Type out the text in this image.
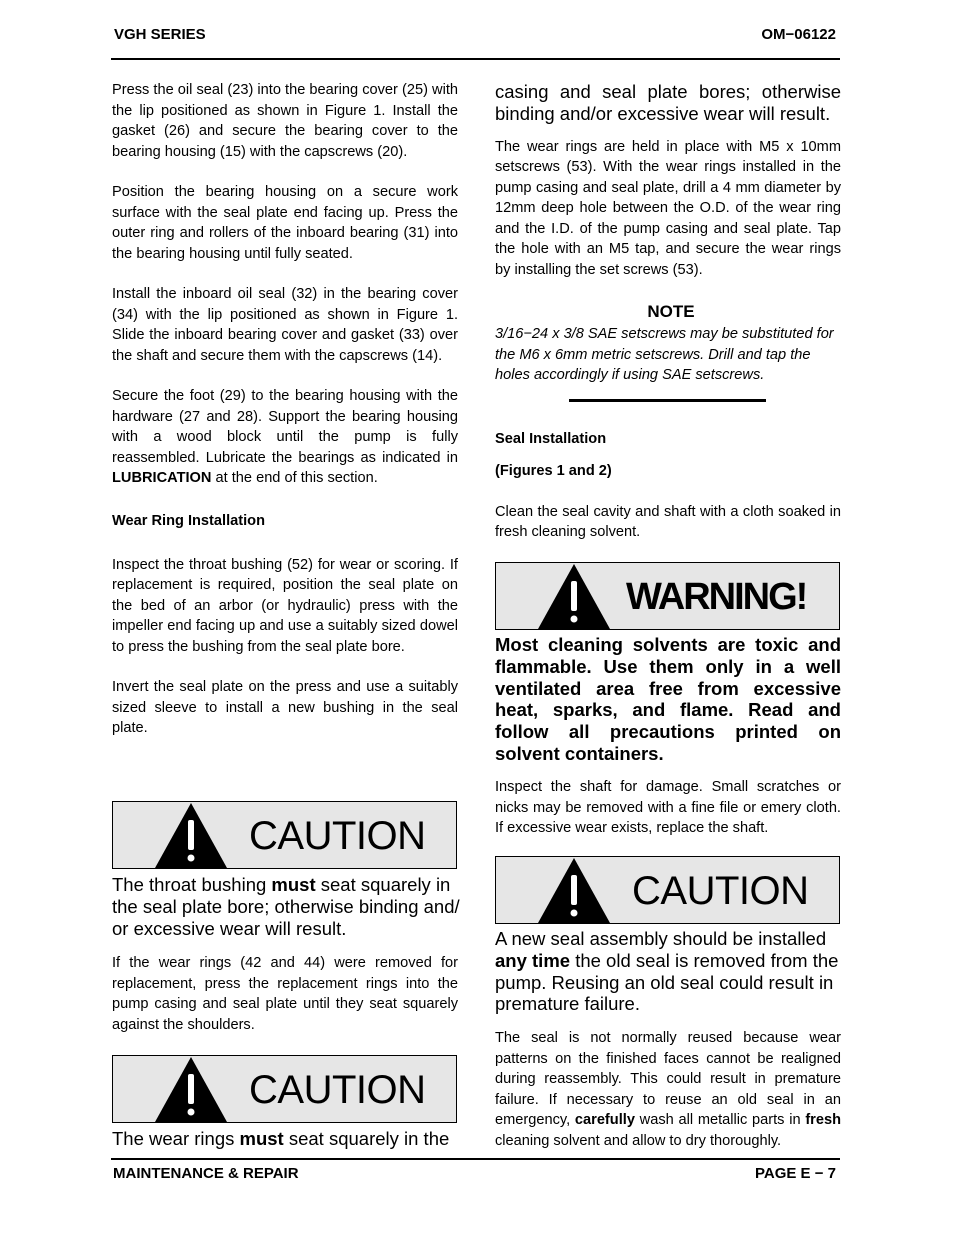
VGH SERIES	OM−06122

Press the oil seal (23) into the bearing cover (25) with the lip positioned as shown in Figure 1. Install the gasket (26) and secure the bearing cover to the bearing housing (15) with the capscrews (20).

Position the bearing housing on a secure work surface with the seal plate end facing up. Press the outer ring and rollers of the inboard bearing (31) into the bearing housing until fully seated.

Install the inboard oil seal (32) in the bearing cover (34) with the lip positioned as shown in Figure 1. Slide the inboard bearing cover and gasket (33) over the shaft and secure them with the capscrews (14).

Secure the foot (29) to the bearing housing with the hardware (27 and 28). Support the bearing housing with a wood block until the pump is fully reassembled. Lubricate the bearings as indicated in LUBRICATION at the end of this section.

Wear Ring Installation

Inspect the throat bushing (52) for wear or scoring. If replacement is required, position the seal plate on the bed of an arbor (or hydraulic) press with the impeller end facing up and use a suitably sized dowel to press the bushing from the seal plate bore.

Invert the seal plate on the press and use a suitably sized sleeve to install a new bushing in the seal plate.

CAUTION

The throat bushing must seat squarely in the seal plate bore; otherwise binding and/ or excessive wear will result.

If the wear rings (42 and 44) were removed for replacement, press the replacement rings into the pump casing and seal plate until they seat squarely against the shoulders.

CAUTION

The wear rings must seat squarely in the

casing and seal plate bores; otherwise binding and/or excessive wear will result.

The wear rings are held in place with M5 x 10mm setscrews (53). With the wear rings installed in the pump casing and seal plate, drill a 4 mm diameter by 12mm deep hole between the O.D. of the wear ring and the I.D. of the pump casing and seal plate. Tap the hole with an M5 tap, and secure the wear rings by installing the set screws (53).

NOTE

3/16−24 x 3/8 SAE setscrews may be substituted for the M6 x 6mm metric setscrews. Drill and tap the holes accordingly if using SAE setscrews.

Seal Installation

(Figures 1 and 2)

Clean the seal cavity and shaft with a cloth soaked in fresh cleaning solvent.

WARNING!

Most cleaning solvents are toxic and flammable. Use them only in a well ventilated area free from excessive heat, sparks, and flame. Read and follow all precautions printed on solvent containers.

Inspect the shaft for damage. Small scratches or nicks may be removed with a fine file or emery cloth. If excessive wear exists, replace the shaft.

CAUTION

A new seal assembly should be installed any time the old seal is removed from the pump. Reusing an old seal could result in premature failure.

The seal is not normally reused because wear patterns on the finished faces cannot be realigned during reassembly. This could result in premature failure. If necessary to reuse an old seal in an emergency, carefully wash all metallic parts in fresh cleaning solvent and allow to dry thoroughly.

MAINTENANCE & REPAIR	PAGE E − 7
